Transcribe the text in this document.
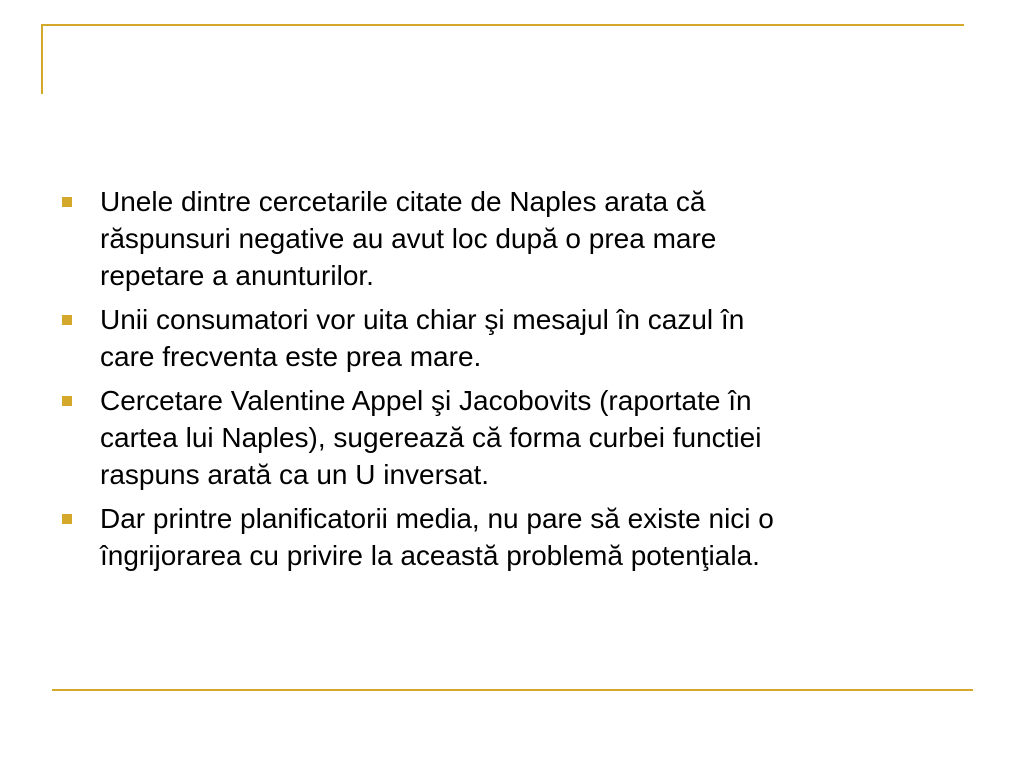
Unele dintre cercetarile citate de Naples arata că
răspunsuri negative au avut loc după o prea mare
repetare a anunturilor.
Unii consumatori vor uita chiar şi mesajul în cazul în
care frecventa este prea mare.
Cercetare Valentine Appel şi Jacobovits (raportate în
cartea lui Naples), sugerează că forma curbei functiei
raspuns arată ca un U inversat.
Dar printre planificatorii media, nu pare să existe nici o
îngrijorarea cu privire la această problemă potenţiala.
